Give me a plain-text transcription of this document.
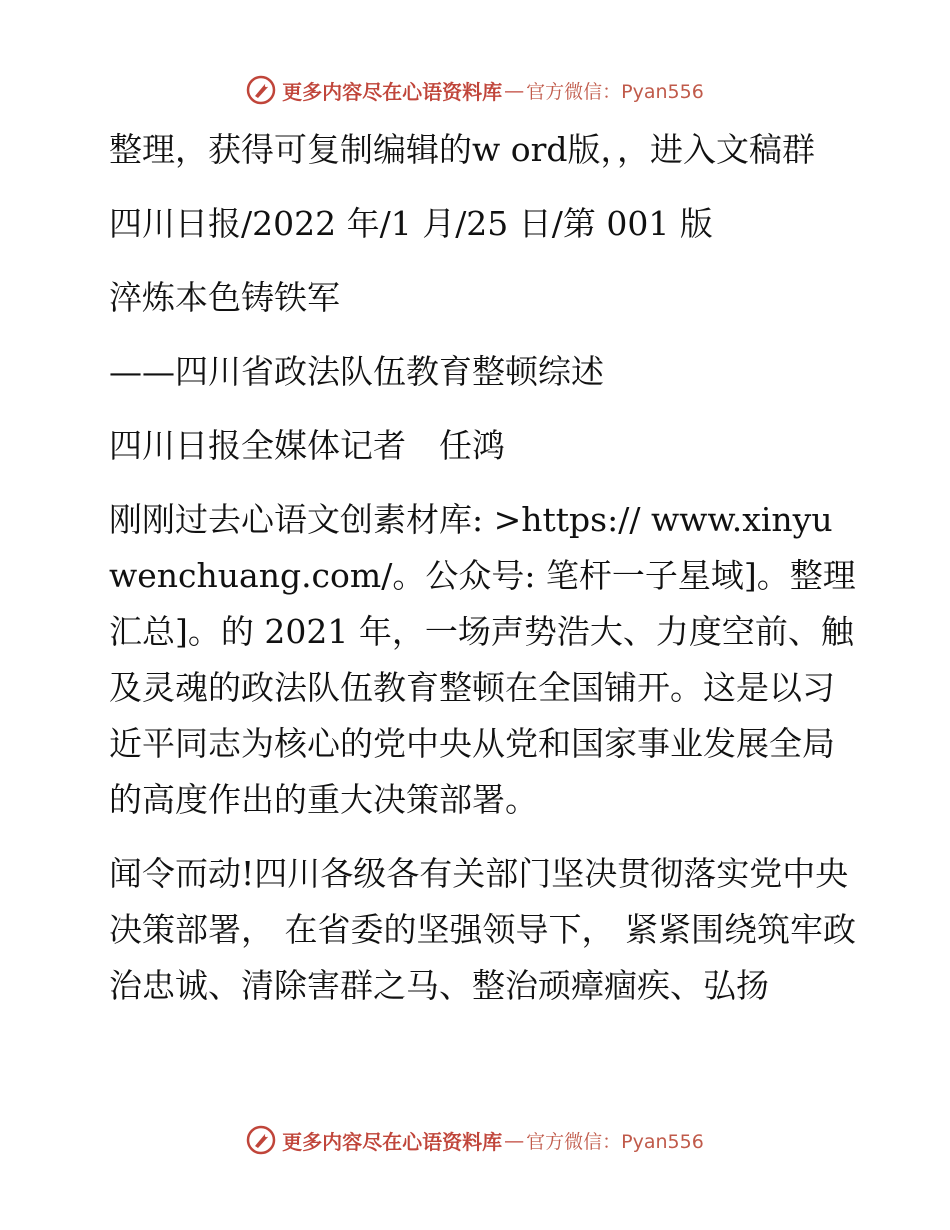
更多内容尽在心语资料库 — 官方微信：Pyan556

整理，获得可复制编辑的w ord版，，进入文稿群

四川日报/2022 年/1 月/25 日/第 001 版

淬炼本色铸铁军

——四川省政法队伍教育整顿综述

四川日报全媒体记者　任鸿

刚刚过去心语文创素材库: >https:// www.xinyuwenchuang.com/。公众号: 笔杆一子星域]。整理汇总]。的 2021 年，一场声势浩大、力度空前、触及灵魂的政法队伍教育整顿在全国铺开。这是以习近平同志为核心的党中央从党和国家事业发展全局的高度作出的重大决策部署。

闻令而动!四川各级各有关部门坚决贯彻落实党中央决策部署， 在省委的坚强领导下， 紧紧围绕筑牢政治忠诚、清除害群之马、整治顽瘴痼疾、弘扬

更多内容尽在心语资料库 — 官方微信：Pyan556
